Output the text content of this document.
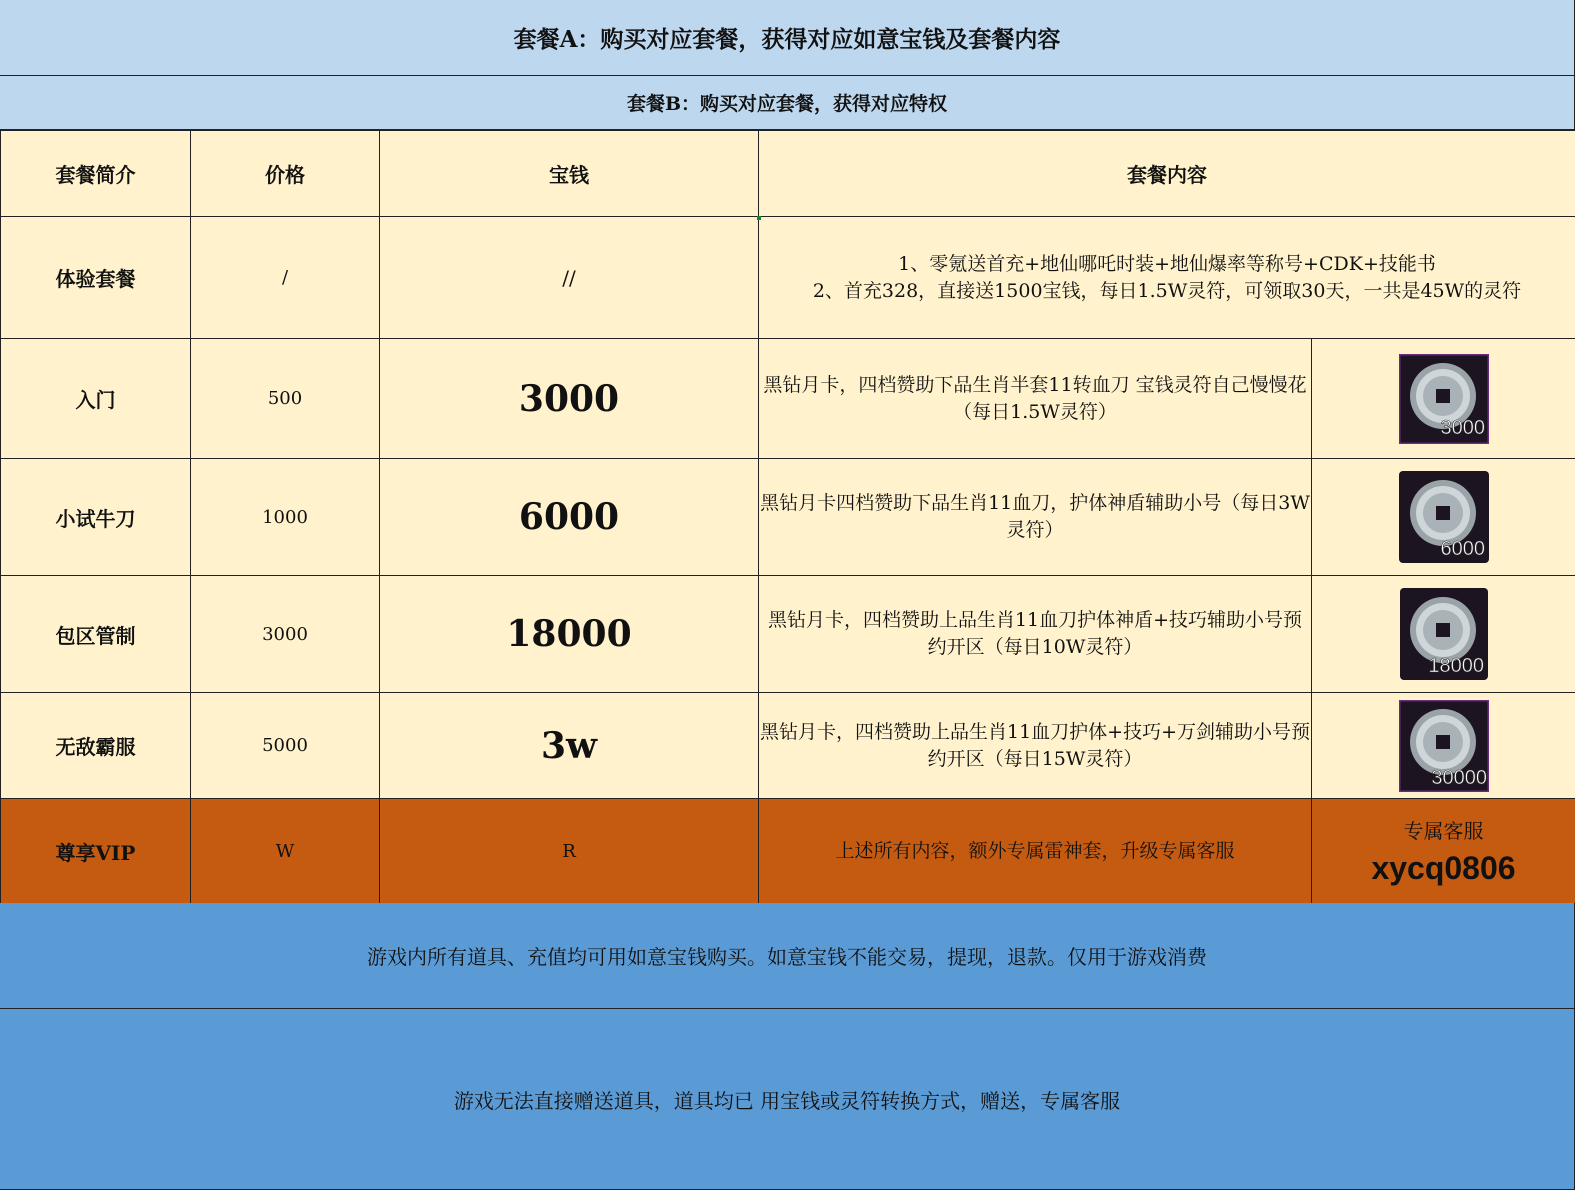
套餐A：购买对应套餐，获得对应如意宝钱及套餐内容
套餐B：购买对应套餐，获得对应特权
套餐简介	价格	宝钱	套餐内容	
体验套餐	/	//	1、零氪送首充+地仙哪吒时装+地仙爆率等称号+CDK+技能书
2、首充328，直接送1500宝钱，每日1.5W灵符，可领取30天，一共是45W的灵符	

入门	500	3000	黑钻月卡，四档赞助下品生肖半套11转血刀 宝钱灵符自己慢慢花（每日1.5W灵符）	3000

小试牛刀	1000	6000	黑钻月卡四档赞助下品生肖11血刀，护体神盾辅助小号（每日3W灵符）	6000

包区管制	3000	18000	黑钻月卡，四档赞助上品生肖11血刀护体神盾+技巧辅助小号预约开区（每日10W灵符）	18000

无敌霸服	5000	3w	黑钻月卡，四档赞助上品生肖11血刀护体+技巧+万剑辅助小号预约开区（每日15W灵符）	30000

尊享VIP	W	R	上述所有内容，额外专属雷神套，升级专属客服	专属客服
xycq0806
游戏内所有道具、充值均可用如意宝钱购买。如意宝钱不能交易，提现，退款。仅用于游戏消费
游戏无法直接赠送道具，道具均已 用宝钱或灵符转换方式，赠送，专属客服
